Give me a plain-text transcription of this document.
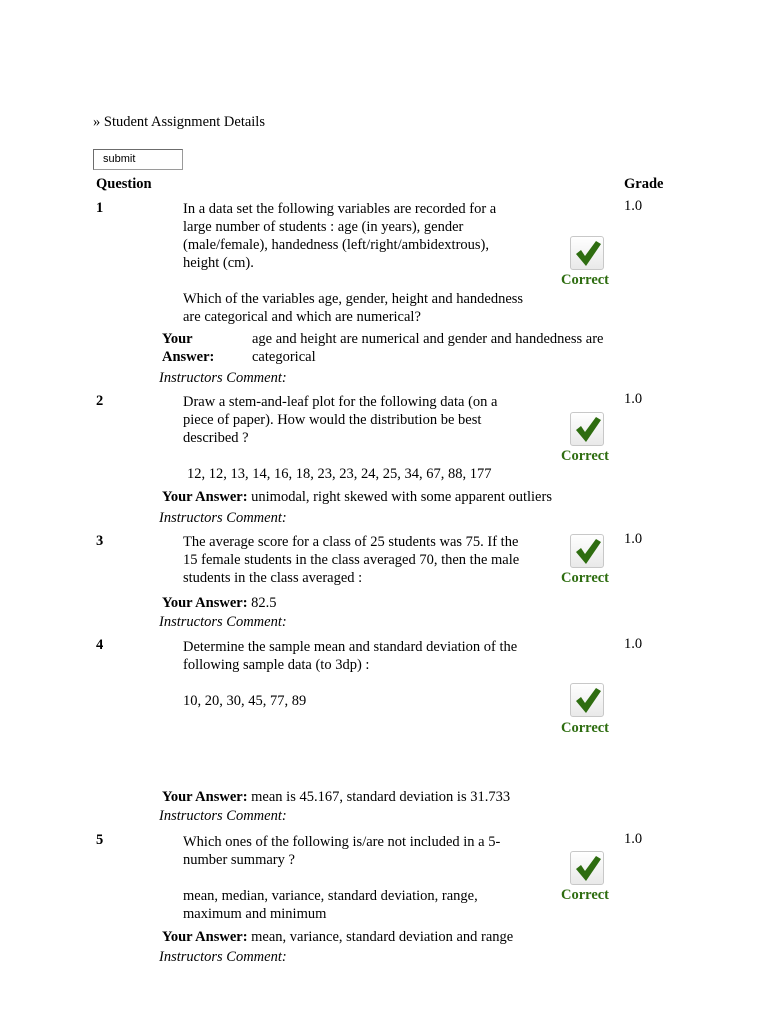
» Student Assignment Details
submit
Question	Grade
1	In a data set the following variables are recorded for a large number of students : age (in years), gender (male/female), handedness (left/right/ambidextrous), height (cm).

Which of the variables age, gender, height and handedness are categorical and which are numerical?

1.0
Correct
Your
Answer:
age and height are numerical and gender and handedness are categorical
Instructors Comment:
2	Draw a stem-and-leaf plot for the following data (on a piece of paper). How would the distribution be best described ?

12, 12, 13, 14, 16, 18, 23, 23, 24, 25, 34, 67, 88, 177

1.0
Correct
Your Answer: unimodal, right skewed with some apparent outliers
Instructors Comment:
3	The average score for a class of 25 students was 75. If the 15 female students in the class averaged 70, then the male students in the class averaged :

1.0
Correct
Your Answer: 82.5
Instructors Comment:
4	Determine the sample mean and standard deviation of the following sample data (to 3dp) :

10, 20, 30, 45, 77, 89

1.0
Correct
Your Answer: mean is 45.167, standard deviation is 31.733
Instructors Comment:
5	Which ones of the following is/are not included in a 5-number summary ?

mean, median, variance, standard deviation, range, maximum and minimum

1.0
Correct
Your Answer: mean, variance, standard deviation and range
Instructors Comment:
